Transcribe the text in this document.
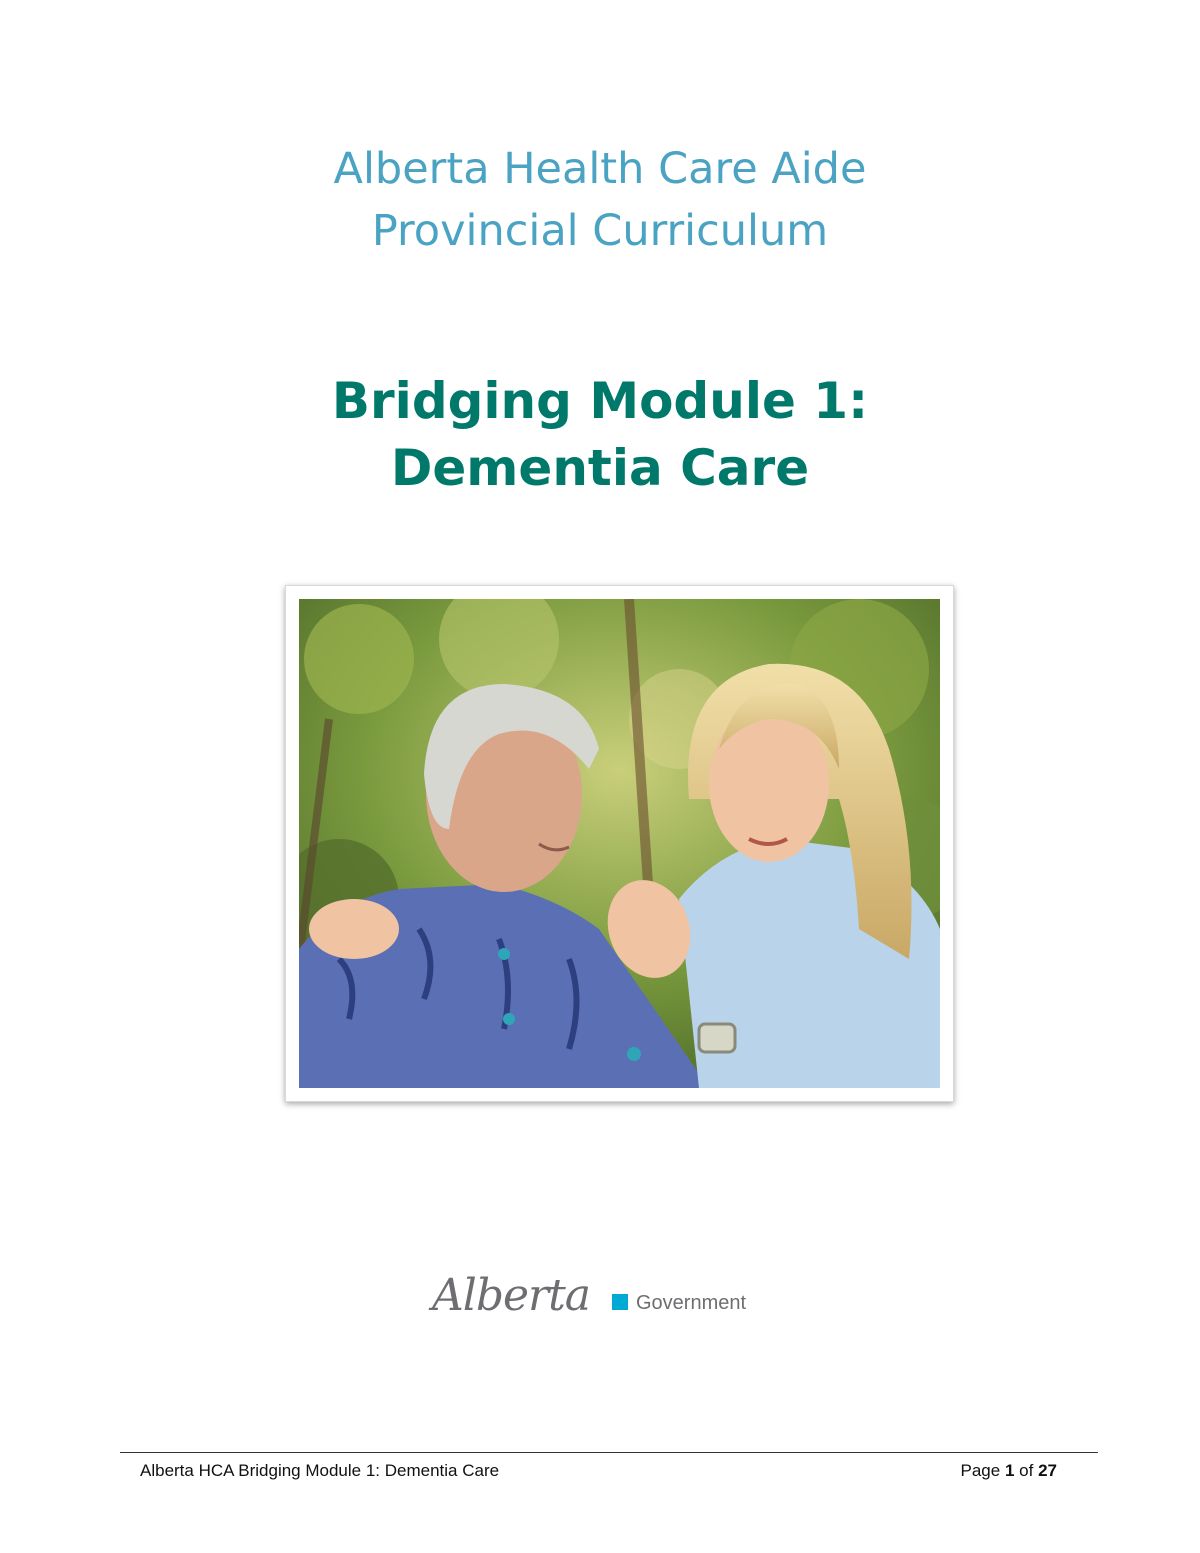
Alberta Health Care Aide
Provincial Curriculum
Bridging Module 1:
Dementia Care
Alberta Government
Alberta HCA Bridging Module 1: Dementia Care	Page 1 of 27
